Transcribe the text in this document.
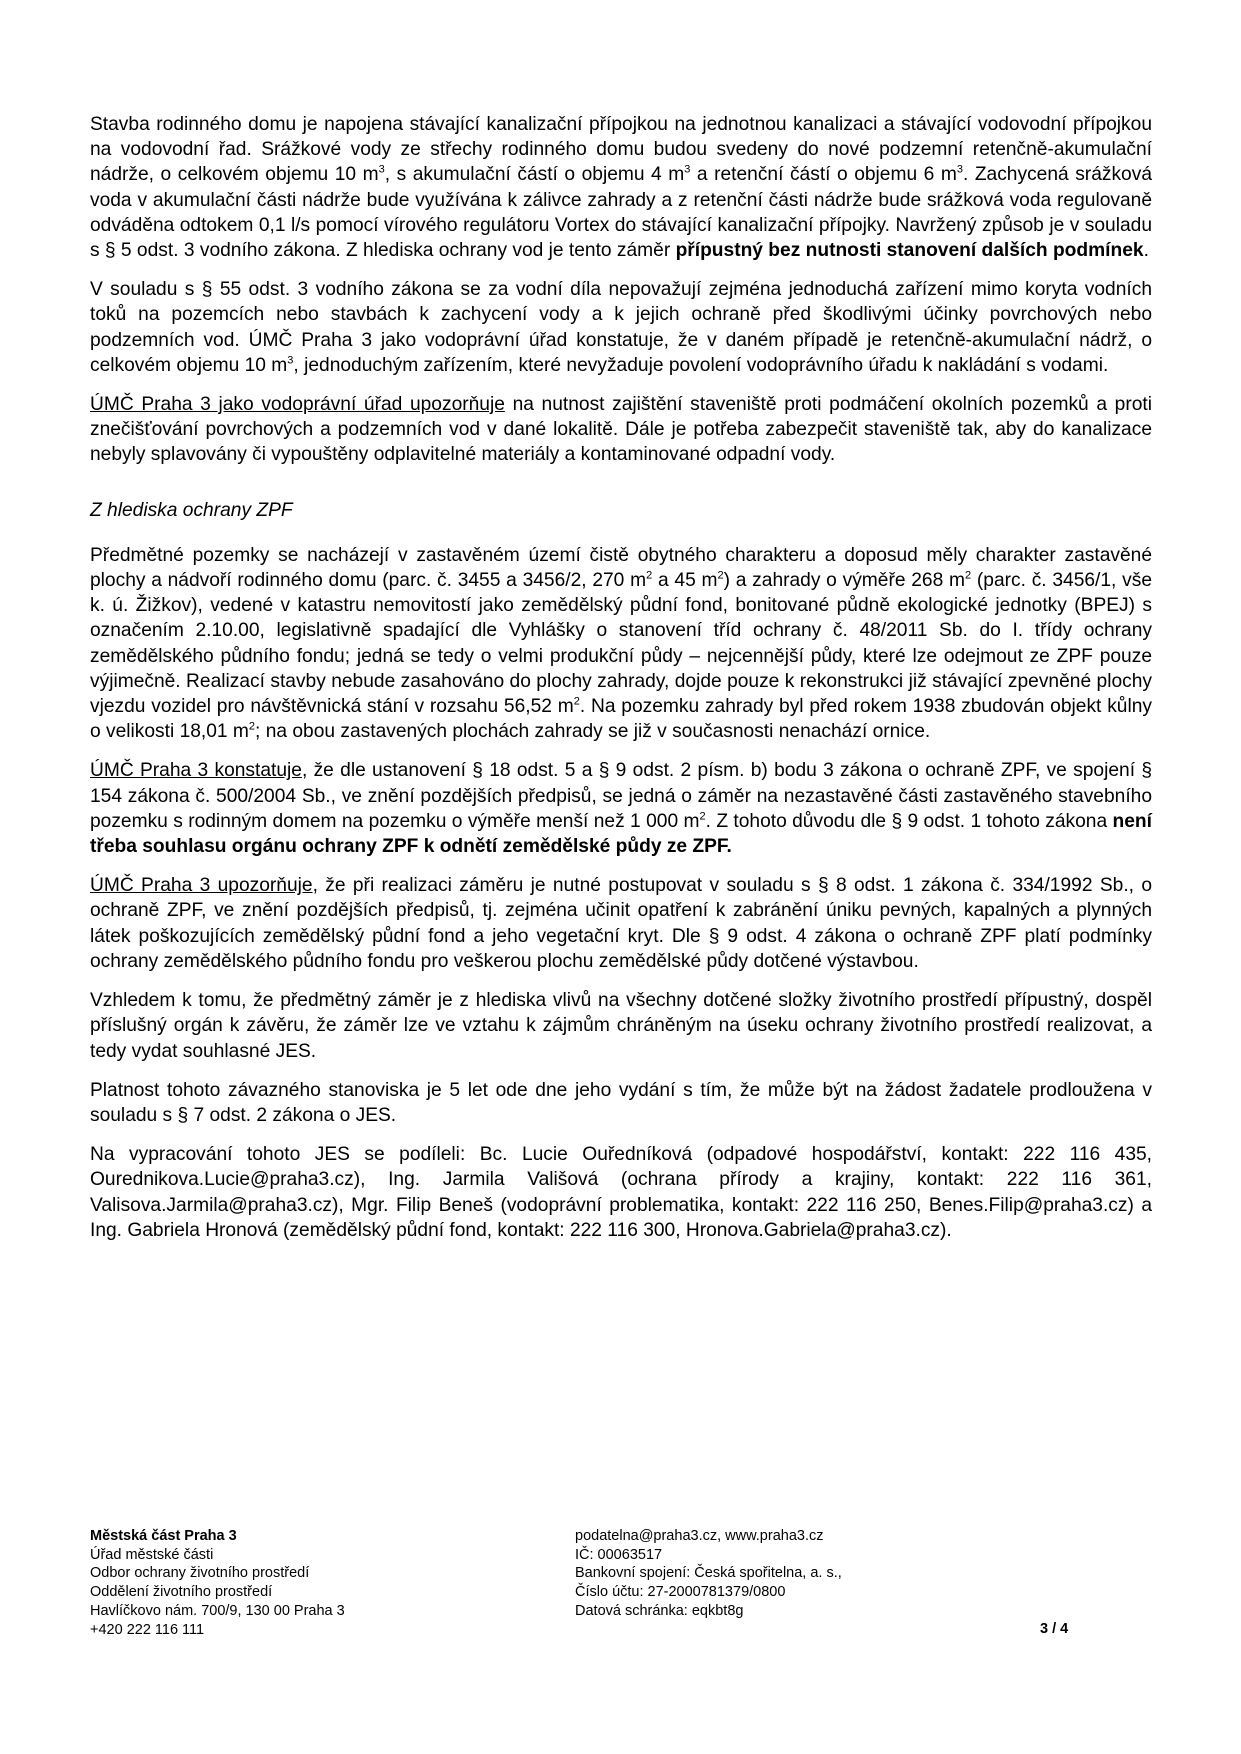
Stavba rodinného domu je napojena stávající kanalizační přípojkou na jednotnou kanalizaci a stávající vodovodní přípojkou na vodovodní řad. Srážkové vody ze střechy rodinného domu budou svedeny do nové podzemní retenčně-akumulační nádrže, o celkovém objemu 10 $m^3$, s akumulační částí o objemu 4 $m^3$ a retenční částí o objemu 6 $m^3$. Zachycená srážková voda v akumulační části nádrže bude využívána k zálivce zahrady a z retenční části nádrže bude srážková voda regulovaně odváděna odtokem 0,1 l/s pomocí vírového regulátoru Vortex do stávající kanalizační přípojky. Navržený způsob je v souladu s § 5 odst. 3 vodního zákona. Z hlediska ochrany vod je tento záměr přípustný bez nutnosti stanovení dalších podmínek.

V souladu s § 55 odst. 3 vodního zákona se za vodní díla nepovažují zejména jednoduchá zařízení mimo koryta vodních toků na pozemcích nebo stavbách k zachycení vody a k jejich ochraně před škodlivými účinky povrchových nebo podzemních vod. ÚMČ Praha 3 jako vodoprávní úřad konstatuje, že v daném případě je retenčně-akumulační nádrž, o celkovém objemu 10 $m^3$, jednoduchým zařízením, které nevyžaduje povolení vodoprávního úřadu k nakládání s vodami.

ÚMČ Praha 3 jako vodoprávní úřad upozorňuje na nutnost zajištění staveniště proti podmáčení okolních pozemků a proti znečišťování povrchových a podzemních vod v dané lokalitě. Dále je potřeba zabezpečit staveniště tak, aby do kanalizace nebyly splavovány či vypouštěny odplavitelné materiály a kontaminované odpadní vody.

Z hlediska ochrany ZPF

Předmětné pozemky se nacházejí v zastavěném území čistě obytného charakteru a doposud měly charakter zastavěné plochy a nádvoří rodinného domu (parc. č. 3455 a 3456/2, 270 $m^2$ a 45 $m^2$) a zahrady o výměře 268 $m^2$ (parc. č. 3456/1, vše k. ú. Žižkov), vedené v katastru nemovitostí jako zemědělský půdní fond, bonitované půdně ekologické jednotky (BPEJ) s označením 2.10.00, legislativně spadající dle Vyhlášky o stanovení tříd ochrany č. 48/2011 Sb. do I. třídy ochrany zemědělského půdního fondu; jedná se tedy o velmi produkční půdy – nejcennější půdy, které lze odejmout ze ZPF pouze výjimečně. Realizací stavby nebude zasahováno do plochy zahrady, dojde pouze k rekonstrukci již stávající zpevněné plochy vjezdu vozidel pro návštěvnická stání v rozsahu 56,52 $m^2$. Na pozemku zahrady byl před rokem 1938 zbudován objekt kůlny o velikosti 18,01 $m^2$; na obou zastavených plochách zahrady se již v současnosti nenachází ornice.

ÚMČ Praha 3 konstatuje, že dle ustanovení § 18 odst. 5 a § 9 odst. 2 písm. b) bodu 3 zákona o ochraně ZPF, ve spojení § 154 zákona č. 500/2004 Sb., ve znění pozdějších předpisů, se jedná o záměr na nezastavěné části zastavěného stavebního pozemku s rodinným domem na pozemku o výměře menší než 1 000 $m^2$. Z tohoto důvodu dle § 9 odst. 1 tohoto zákona není třeba souhlasu orgánu ochrany ZPF k odnětí zemědělské půdy ze ZPF.

ÚMČ Praha 3 upozorňuje, že při realizaci záměru je nutné postupovat v souladu s § 8 odst. 1 zákona č. 334/1992 Sb., o ochraně ZPF, ve znění pozdějších předpisů, tj. zejména učinit opatření k zabránění úniku pevných, kapalných a plynných látek poškozujících zemědělský půdní fond a jeho vegetační kryt. Dle § 9 odst. 4 zákona o ochraně ZPF platí podmínky ochrany zemědělského půdního fondu pro veškerou plochu zemědělské půdy dotčené výstavbou.

Vzhledem k tomu, že předmětný záměr je z hlediska vlivů na všechny dotčené složky životního prostředí přípustný, dospěl příslušný orgán k závěru, že záměr lze ve vztahu k zájmům chráněným na úseku ochrany životního prostředí realizovat, a tedy vydat souhlasné JES.

Platnost tohoto závazného stanoviska je 5 let ode dne jeho vydání s tím, že může být na žádost žadatele prodloužena v souladu s § 7 odst. 2 zákona o JES.

Na vypracování tohoto JES se podíleli: Bc. Lucie Ouředníková (odpadové hospodářství, kontakt: 222 116 435, Ourednikova.Lucie@praha3.cz), Ing. Jarmila Vališová (ochrana přírody a krajiny, kontakt: 222 116 361, Valisova.Jarmila@praha3.cz), Mgr. Filip Beneš (vodoprávní problematika, kontakt: 222 116 250, Benes.Filip@praha3.cz) a Ing. Gabriela Hronová (zemědělský půdní fond, kontakt: 222 116 300, Hronova.Gabriela@praha3.cz).

Městská část Praha 3
Úřad městské části
Odbor ochrany životního prostředí
Oddělení životního prostředí
Havlíčkovo nám. 700/9, 130 00 Praha 3
+420 222 116 111
podatelna@praha3.cz, www.praha3.cz
IČ: 00063517
Bankovní spojení: Česká spořitelna, a. s.,
Číslo účtu: 27-2000781379/0800
Datová schránka: eqkbt8g
3 / 4
